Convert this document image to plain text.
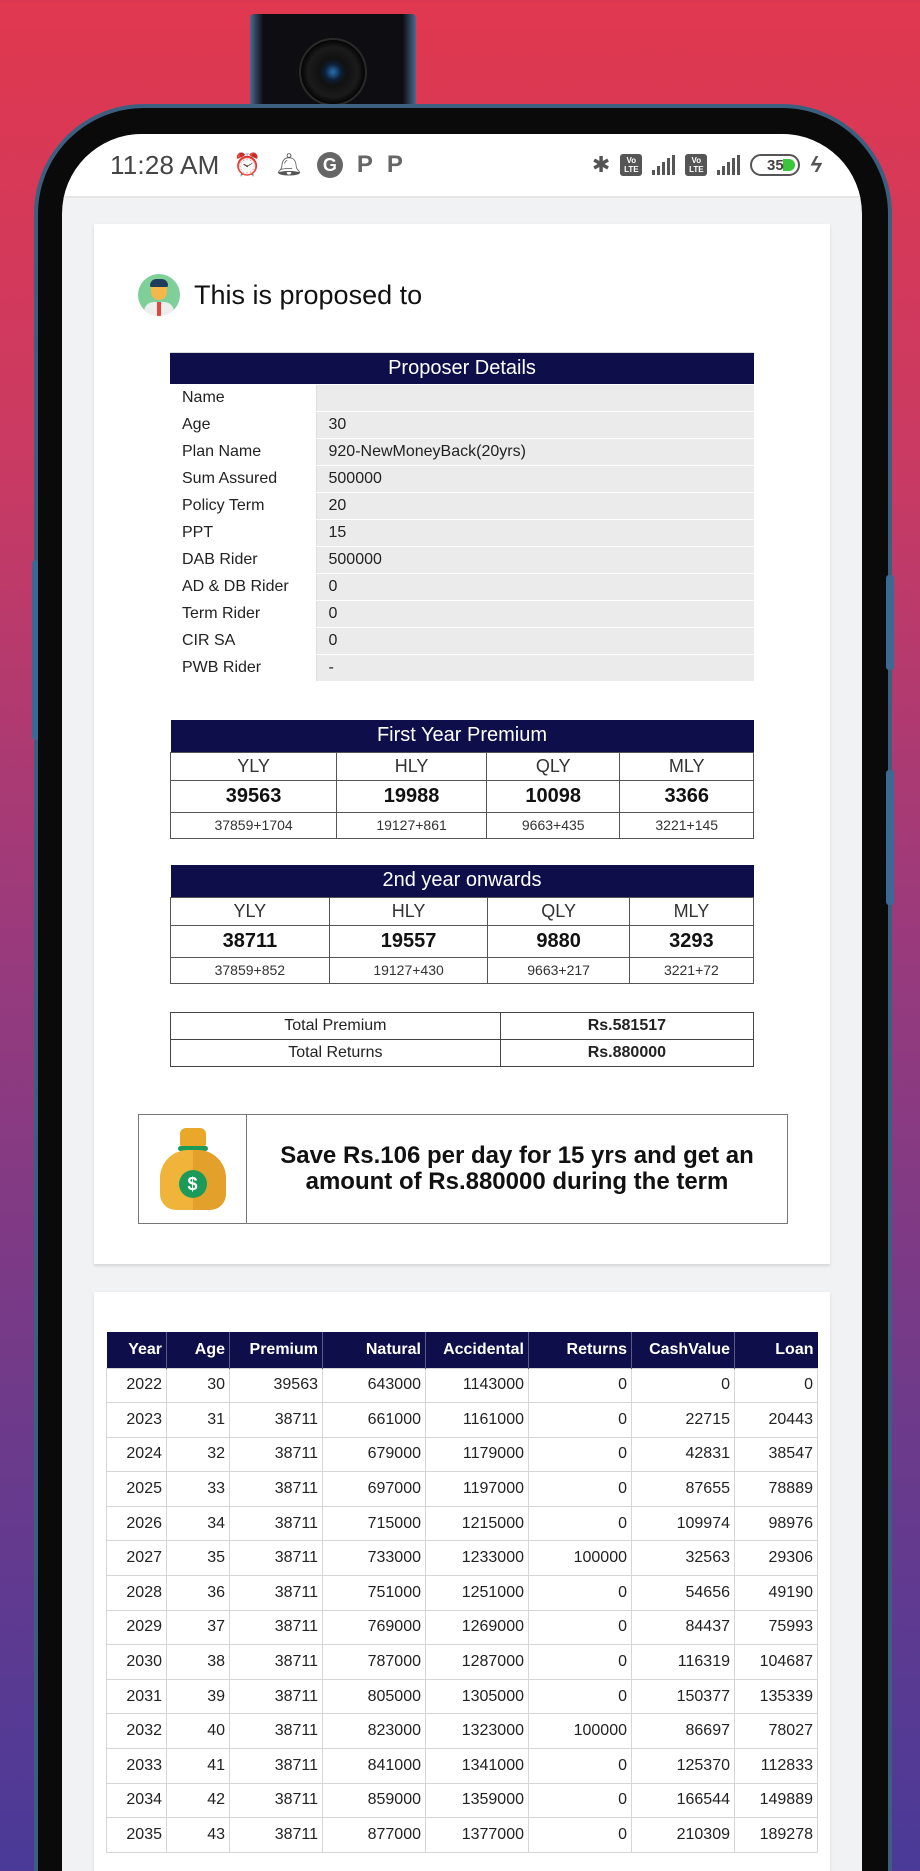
11:28 AM ⏰ 🔔︎	G P P	✱	Vo
LTE
Vo
LTE	35 ϟ
This is proposed to
Proposer Details	
Name	
Age	30
Plan Name	920-NewMoneyBack(20yrs)
Sum Assured	500000
Policy Term	20
PPT	15
DAB Rider	500000
AD & DB Rider	0
Term Rider	0
CIR SA	0
PWB Rider	-
First Year Premium			
YLY	HLY	QLY	MLY
39563	19988	10098	3366
37859+1704	19127+861	9663+435	3221+145
2nd year onwards			
YLY	HLY	QLY	MLY
38711	19557	9880	3293
37859+852	19127+430	9663+217	3221+72
Total Premium	Rs.581517
Total Returns	Rs.880000
$
Save Rs.106 per day for 15 yrs and get an amount of Rs.880000 during the term
Year	Age	Premium	Natural	Accidental	Returns	CashValue	Loan
2022	30	39563	643000	1143000	0	0	0
2023	31	38711	661000	1161000	0	22715	20443
2024	32	38711	679000	1179000	0	42831	38547
2025	33	38711	697000	1197000	0	87655	78889
2026	34	38711	715000	1215000	0	109974	98976
2027	35	38711	733000	1233000	100000	32563	29306
2028	36	38711	751000	1251000	0	54656	49190
2029	37	38711	769000	1269000	0	84437	75993
2030	38	38711	787000	1287000	0	116319	104687
2031	39	38711	805000	1305000	0	150377	135339
2032	40	38711	823000	1323000	100000	86697	78027
2033	41	38711	841000	1341000	0	125370	112833
2034	42	38711	859000	1359000	0	166544	149889
2035	43	38711	877000	1377000	0	210309	189278
